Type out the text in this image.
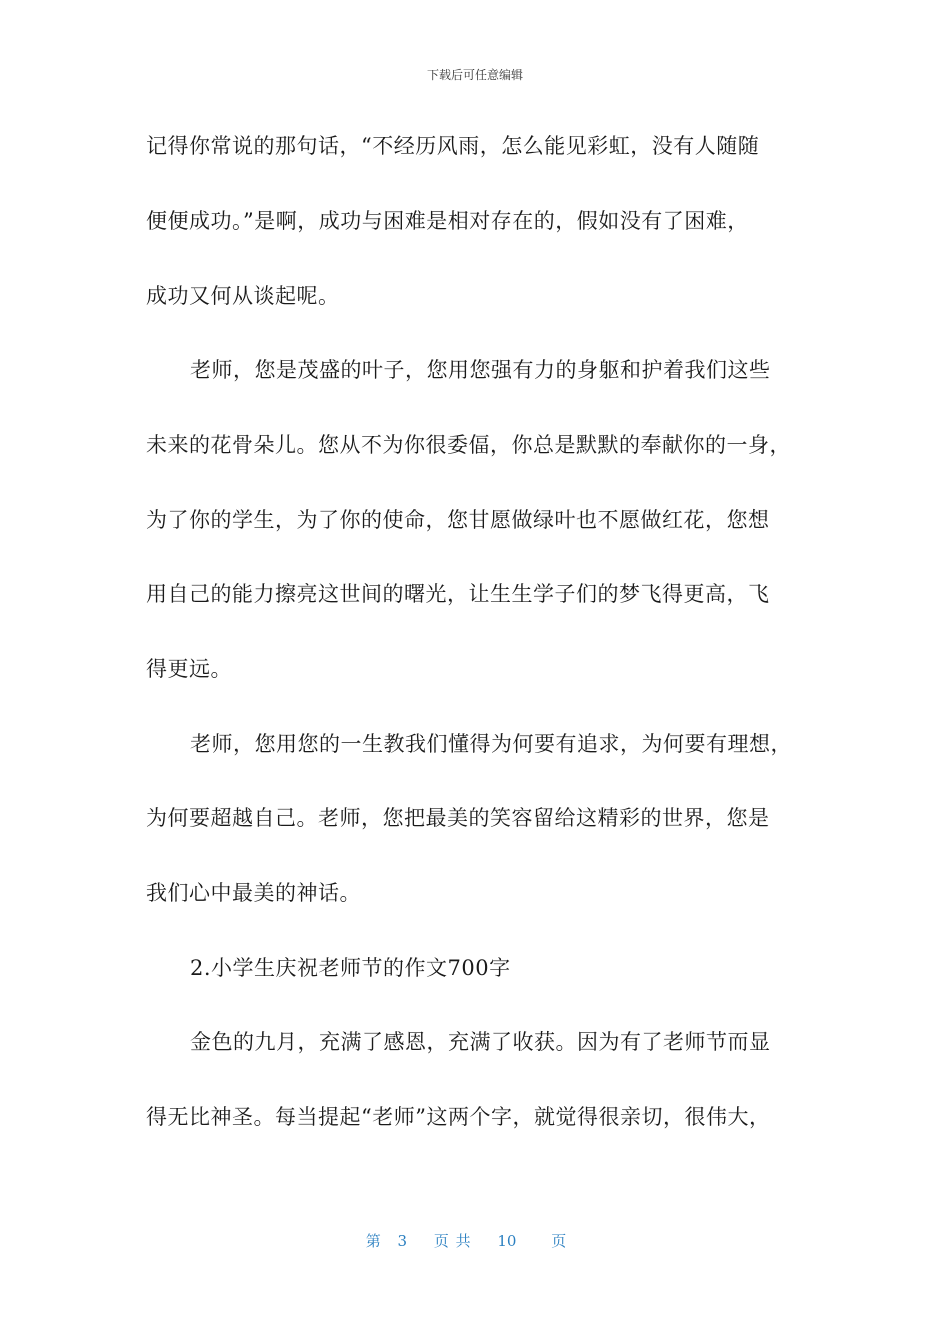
下载后可任意编辑
记得你常说的那句话，“不经历风雨，怎么能见彩虹，没有人随随
便便成功。”是啊，成功与困难是相对存在的，假如没有了困难，
成功又何从谈起呢。
老师，您是茂盛的叶子，您用您强有力的身躯和护着我们这些
未来的花骨朵儿。您从不为你很委偪，你总是默默的奉献你的一身，
为了你的学生，为了你的使命，您甘愿做绿叶也不愿做红花，您想
用自己的能力擦亮这世间的曙光，让生生学子们的梦飞得更高，飞
得更远。
老师，您用您的一生教我们懂得为何要有追求，为何要有理想，
为何要超越自己。老师，您把最美的笑容留给这精彩的世界，您是
我们心中最美的神话。
2.小学生庆祝老师节的作文700字
金色的九月，充满了感恩，充满了收获。因为有了老师节而显
得无比神圣。每当提起“老师”这两个字，就觉得很亲切，很伟大，
第 3 页 共 10 页
